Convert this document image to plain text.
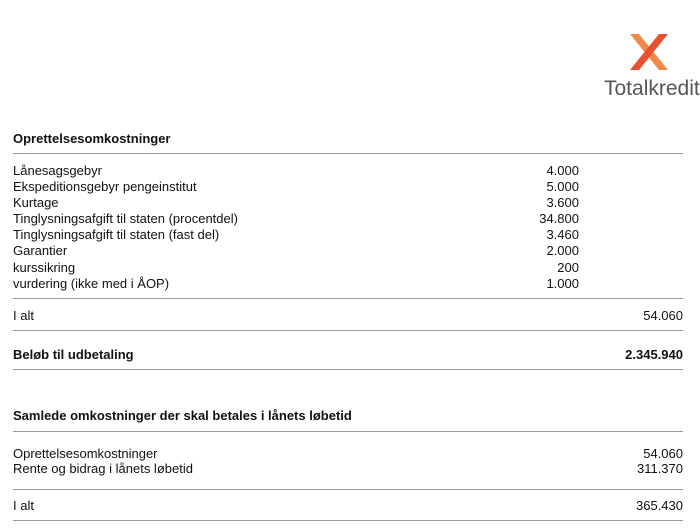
Totalkredit
Oprettelsesomkostninger
Lånesagsgebyr	4.000
Ekspeditionsgebyr pengeinstitut	5.000
Kurtage	3.600
Tinglysningsafgift til staten (procentdel)	34.800
Tinglysningsafgift til staten (fast del)	3.460
Garantier	2.000
kurssikring	200
vurdering (ikke med i ÅOP)	1.000
I alt	54.060
Beløb til udbetaling	2.345.940
Samlede omkostninger der skal betales i lånets løbetid
Oprettelsesomkostninger	54.060
Rente og bidrag i lånets løbetid	311.370
I alt	365.430
